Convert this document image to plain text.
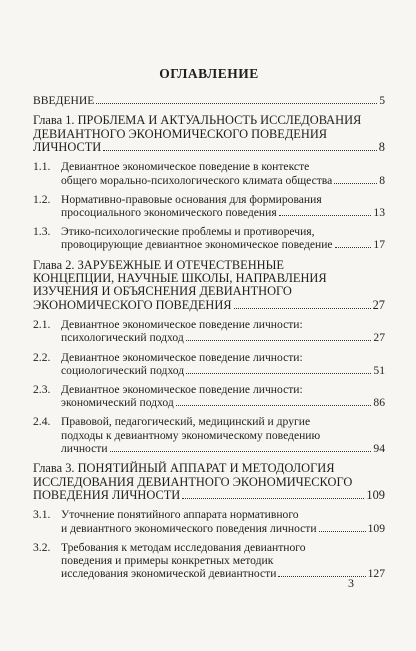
ОГЛАВЛЕНИЕ
ВВЕДЕНИЕ	5
Глава 1. ПРОБЛЕМА И АКТУАЛЬНОСТЬ ИССЛЕДОВАНИЯ
ДЕВИАНТНОГО ЭКОНОМИЧЕСКОГО ПОВЕДЕНИЯ
ЛИЧНОСТИ	8
1.1. Девиантное экономическое поведение в контексте
общего морально-психологического климата общества	8
1.2. Нормативно-правовые основания для формирования
просоциального экономического поведения	13
1.3. Этико-психологические проблемы и противоречия,
провоцирующие девиантное экономическое поведение	17
Глава 2. ЗАРУБЕЖНЫЕ И ОТЕЧЕСТВЕННЫЕ
КОНЦЕПЦИИ, НАУЧНЫЕ ШКОЛЫ, НАПРАВЛЕНИЯ
ИЗУЧЕНИЯ И ОБЪЯСНЕНИЯ ДЕВИАНТНОГО
ЭКОНОМИЧЕСКОГО ПОВЕДЕНИЯ	27
2.1. Девиантное экономическое поведение личности:
психологический подход	27
2.2. Девиантное экономическое поведение личности:
социологический подход	51
2.3. Девиантное экономическое поведение личности:
экономический подход	86
2.4. Правовой, педагогический, медицинский и другие
подходы к девиантному экономическому поведению
личности	94
Глава 3. ПОНЯТИЙНЫЙ АППАРАТ И МЕТОДОЛОГИЯ
ИССЛЕДОВАНИЯ ДЕВИАНТНОГО ЭКОНОМИЧЕСКОГО
ПОВЕДЕНИЯ ЛИЧНОСТИ	109
3.1. Уточнение понятийного аппарата нормативного
и девиантного экономического поведения личности	109
3.2. Требования к методам исследования девиантного
поведения и примеры конкретных методик
исследования экономической девиантности	127
3
